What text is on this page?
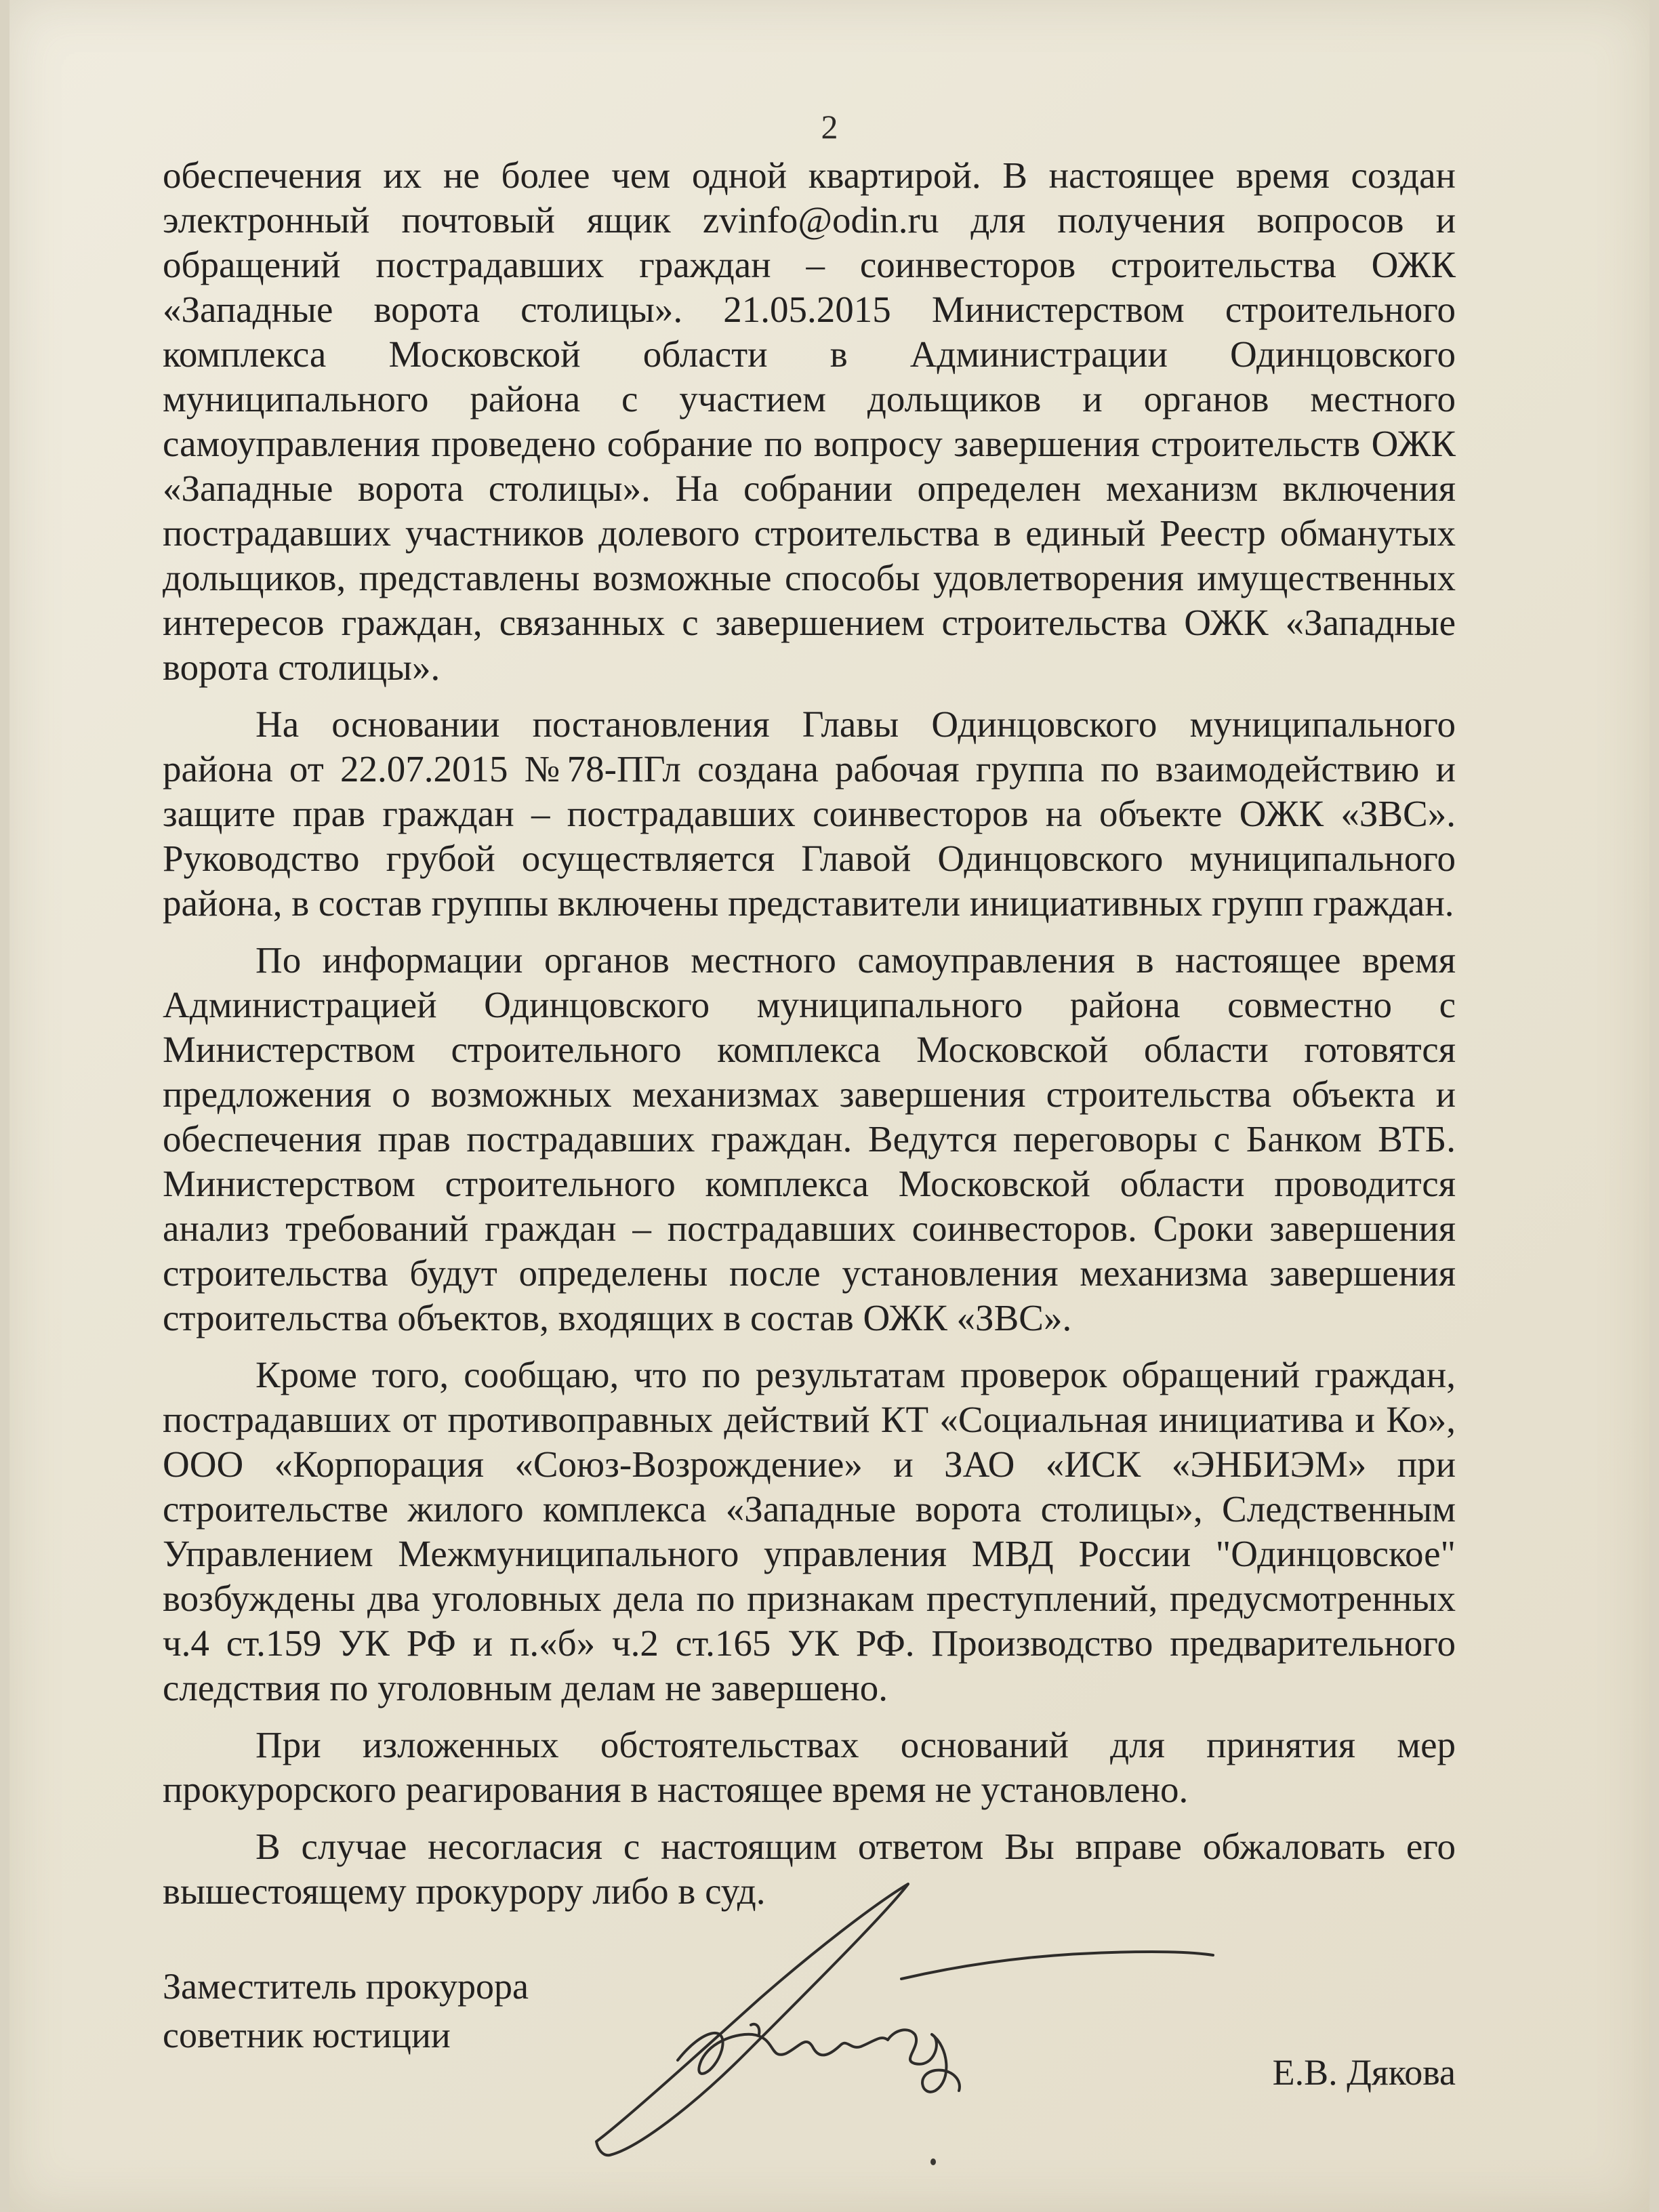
2

обеспечения их не более чем одной квартирой. В настоящее время создан электронный почтовый ящик zvinfo@odin.ru для получения вопросов и обращений пострадавших граждан – соинвесторов строительства ОЖК «Западные ворота столицы». 21.05.2015 Министерством строительного комплекса Московской области в Администрации Одинцовского муниципального района с участием дольщиков и органов местного самоуправления проведено собрание по вопросу завершения строительств ОЖК «Западные ворота столицы». На собрании определен механизм включения пострадавших участников долевого строительства в единый Реестр обманутых дольщиков, представлены возможные способы удовлетворения имущественных интересов граждан, связанных с завершением строительства ОЖК «Западные ворота столицы».

На основании постановления Главы Одинцовского муниципального района от 22.07.2015 №78-ПГл создана рабочая группа по взаимодействию и защите прав граждан – пострадавших соинвесторов на объекте ОЖК «ЗВС». Руководство грубой осуществляется Главой Одинцовского муниципального района, в состав группы включены представители инициативных групп граждан.

По информации органов местного самоуправления в настоящее время Администрацией Одинцовского муниципального района совместно с Министерством строительного комплекса Московской области готовятся предложения о возможных механизмах завершения строительства объекта и обеспечения прав пострадавших граждан. Ведутся переговоры с Банком ВТБ. Министерством строительного комплекса Московской области проводится анализ требований граждан – пострадавших соинвесторов. Сроки завершения строительства будут определены после установления механизма завершения строительства объектов, входящих в состав ОЖК «ЗВС».

Кроме того, сообщаю, что по результатам проверок обращений граждан, пострадавших от противоправных действий КТ «Социальная инициатива и Ко», ООО «Корпорация «Союз-Возрождение» и ЗАО «ИСК «ЭНБИЭМ» при строительстве жилого комплекса «Западные ворота столицы», Следственным Управлением Межмуниципального управления МВД России "Одинцовское" возбуждены два уголовных дела по признакам преступлений, предусмотренных ч.4 ст.159 УК РФ и п.«б» ч.2 ст.165 УК РФ. Производство предварительного следствия по уголовным делам не завершено.

При изложенных обстоятельствах оснований для принятия мер прокурорского реагирования в настоящее время не установлено.

В случае несогласия с настоящим ответом Вы вправе обжаловать его вышестоящему прокурору либо в суд.

Заместитель прокурора
советник юстиции
Е.В. Дякова
